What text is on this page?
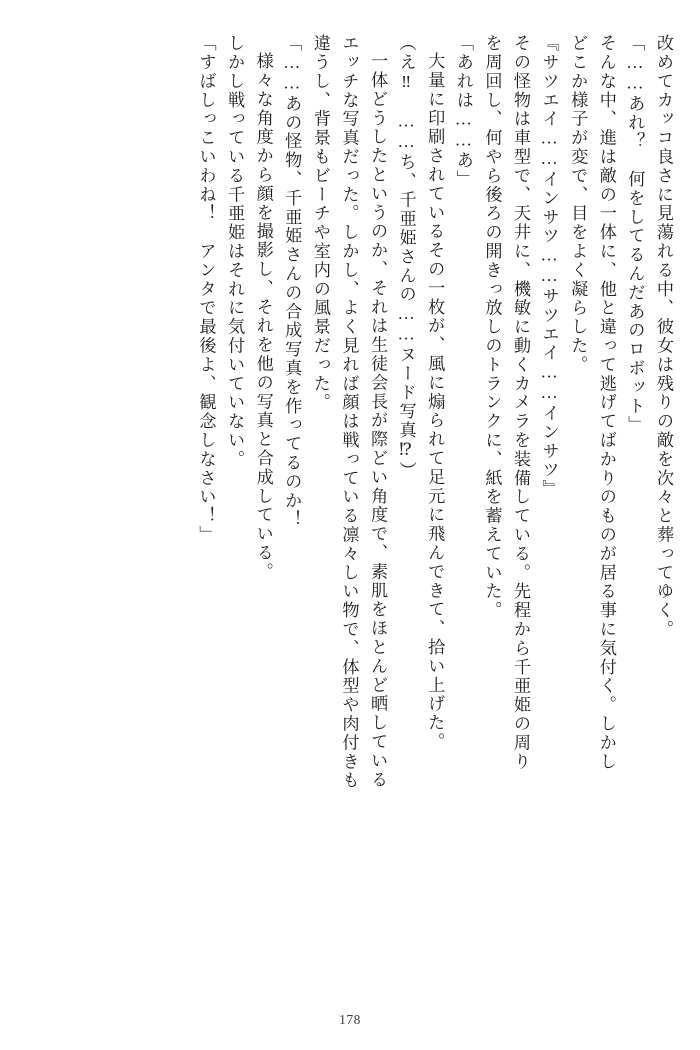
改めてカッコ良さに見蕩れる中、彼女は残りの敵を次々と葬ってゆく。
「……あれ？　何をしてるんだあのロボット」
そんな中、進は敵の一体に、他と違って逃げてばかりのものが居る事に気付く。しかし
どこか様子が変で、目をよく凝らした。
『サツエイ……インサツ……サツエイ……インサツ』
その怪物は車型で、天井に、機敏に動くカメラを装備している。先程から千亜姫の周り
を周回し、何やら後ろの開きっ放しのトランクに、紙を蓄えていた。
「あれは……あ」
大量に印刷されているその一枚が、風に煽られて足元に飛んできて、拾い上げた。
（え‼　……ち、千亜姫さんの……ヌード写真⁉）
一体どうしたというのか、それは生徒会長が際どい角度で、素肌をほとんど晒している
エッチな写真だった。しかし、よく見れば顔は戦っている凛々しい物で、体型や肉付きも
違うし、背景もビーチや室内の風景だった。
「……あの怪物、千亜姫さんの合成写真を作ってるのか！
様々な角度から顔を撮影し、それを他の写真と合成している。
しかし戦っている千亜姫はそれに気付いていない。
「すばしっこいわね！　アンタで最後よ、観念しなさい！」
178
